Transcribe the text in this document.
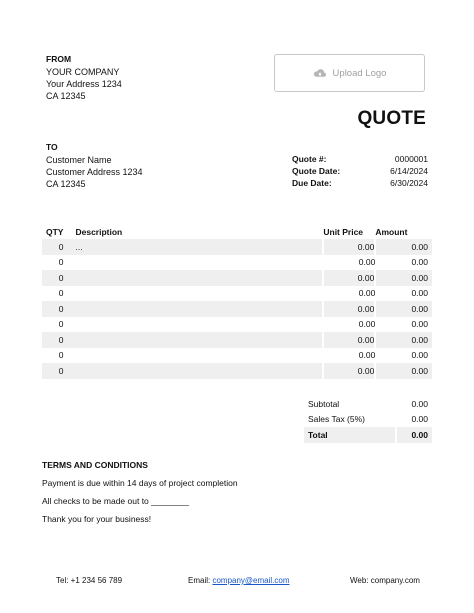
FROM
YOUR COMPANY
Your Address 1234
CA 12345
Upload Logo
QUOTE
TO
Customer Name
Customer Address 1234
CA 12345
Quote #:	0000001
Quote Date:	6/14/2024
Due Date:	6/30/2024
QTY	Description	Unit Price	Amount
0	...	0.00	0.00
0		0.00	0.00
0		0.00	0.00
0		0.00	0.00
0		0.00	0.00
0		0.00	0.00
0		0.00	0.00
0		0.00	0.00
0		0.00	0.00
Subtotal	0.00
Sales Tax (5%)	0.00
Total	0.00
TERMS AND CONDITIONS
Payment is due within 14 days of project completion
All checks to be made out to ________
Thank you for your business!
Tel: +1 234 56 789	Email: company@email.com	Web: company.com
